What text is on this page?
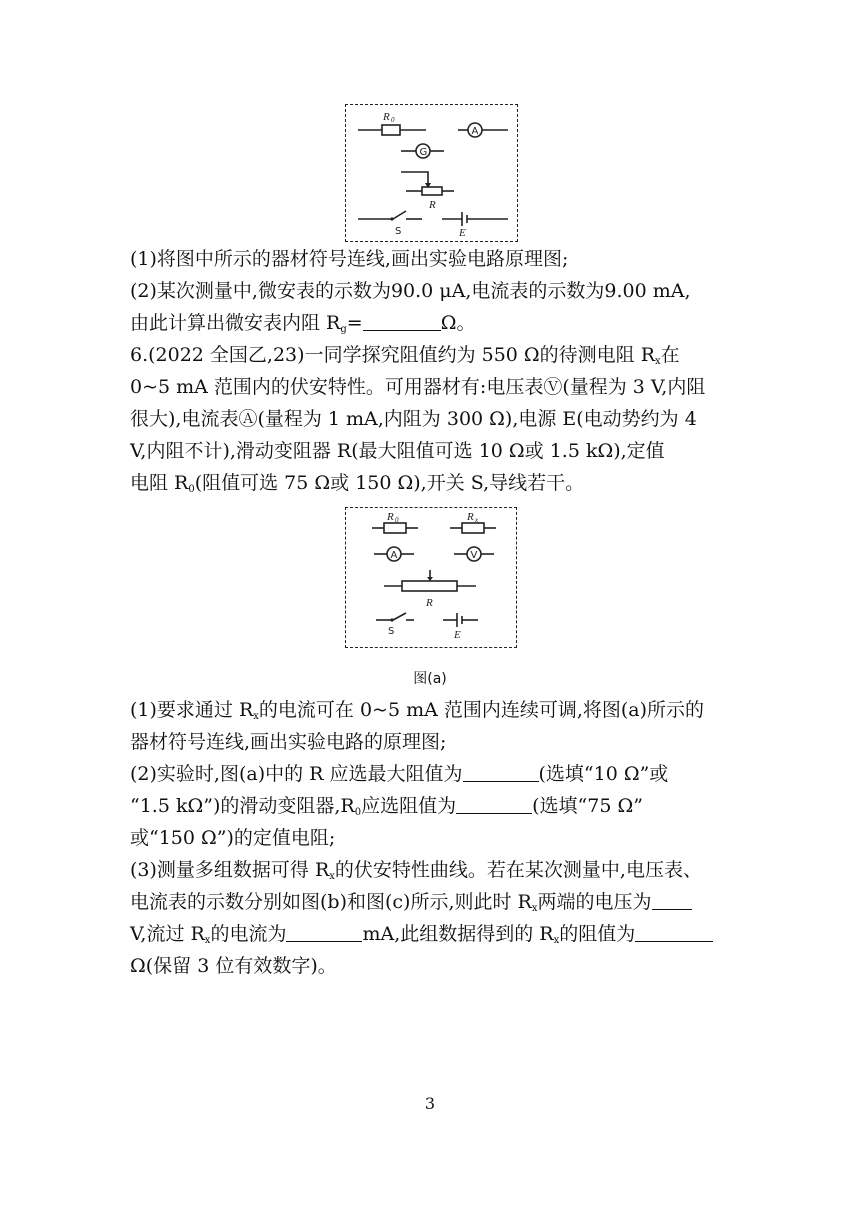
R 0
A
G
R
S	E
(1)将图中所示的器材符号连线,画出实验电路原理图;
(2)某次测量中,微安表的示数为90.0 μA,电流表的示数为9.00 mA,
由此计算出微安表内阻 $R_g=$	Ω。
6.(2022 全国乙,23)一同学探究阻值约为 550 Ω的待测电阻 $R_x$在
0~5 mA 范围内的伏安特性。可用器材有:电压表Ⓥ(量程为 3 V,内阻
很大),电流表Ⓐ(量程为 1 mA,内阻为 300 Ω),电源 E(电动势约为 4
V,内阻不计),滑动变阻器 R(最大阻值可选 10 Ω或 1.5 kΩ),定值
电阻 $R_0$(阻值可选 75 Ω或 150 Ω),开关 S,导线若干。
R 0	R x
A	V
R
S	E
图(a)
(1)要求通过 $R_x$的电流可在 0~5 mA 范围内连续可调,将图(a)所示的
器材符号连线,画出实验电路的原理图;
(2)实验时,图(a)中的 R 应选最大阻值为	(选填“10 Ω”或
“1.5 kΩ”)的滑动变阻器$,R_0$应选阻值为	(选填“75 Ω”
或“150 Ω”)的定值电阻;
(3)测量多组数据可得 $R_x$的伏安特性曲线。若在某次测量中,电压表、
电流表的示数分别如图(b)和图(c)所示,则此时 $R_x$两端的电压为
V,流过 $R_x$的电流为	mA,此组数据得到的 $R_x$的阻值为
Ω(保留 3 位有效数字)。
3
